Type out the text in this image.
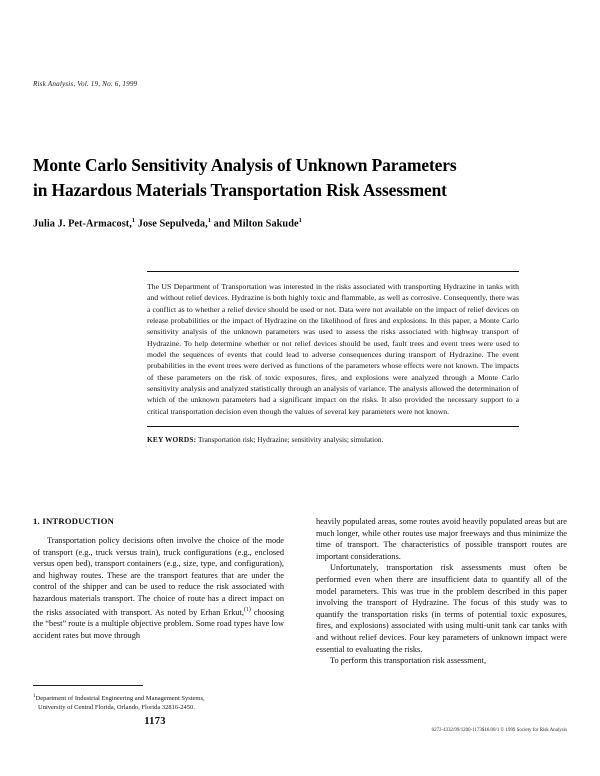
Risk Analysis, Vol. 19, No. 6, 1999
Monte Carlo Sensitivity Analysis of Unknown Parameters
in Hazardous Materials Transportation Risk Assessment
Julia J. Pet-Armacost,$^1$ Jose Sepulveda,$^1$ and Milton Sakude$^1$
The US Department of Transportation was interested in the risks associated with transporting Hydrazine in tanks with and without relief devices. Hydrazine is both highly toxic and flammable, as well as corrosive. Consequently, there was a conflict as to whether a relief device should be used or not. Data were not available on the impact of relief devices on release probabilities or the impact of Hydrazine on the likelihood of fires and explosions. In this paper, a Monte Carlo sensitivity analysis of the unknown parameters was used to assess the risks associated with highway transport of Hydrazine. To help determine whether or not relief devices should be used, fault trees and event trees were used to model the sequences of events that could lead to adverse consequences during transport of Hydrazine. The event probabilities in the event trees were derived as functions of the parameters whose effects were not known. The impacts of these parameters on the risk of toxic exposures, fires, and explosions were analyzed through a Monte Carlo sensitivity analysis and analyzed statistically through an analysis of variance. The analysis allowed the determination of which of the unknown parameters had a significant impact on the risks. It also provided the necessary support to a critical transportation decision even though the values of several key parameters were not known.
KEY WORDS: Transportation risk; Hydrazine; sensitivity analysis; simulation.
1. INTRODUCTION

Transportation policy decisions often involve the choice of the mode of transport (e.g., truck versus train), truck configurations (e.g., enclosed versus open bed), transport containers (e.g., size, type, and configuration), and highway routes. These are the transport features that are under the control of the shipper and can be used to reduce the risk associated with hazardous materials transport. The choice of route has a direct impact on the risks associated with transport. As noted by Erhan Erkut,$^{(1)}$ choosing the “best” route is a multiple objective problem. Some road types have low accident rates but move through

heavily populated areas, some routes avoid heavily populated areas but are much longer, while other routes use major freeways and thus minimize the time of transport. The characteristics of possible transport routes are important considerations.

Unfortunately, transportation risk assessments must often be performed even when there are insufficient data to quantify all of the model parameters. This was true in the problem described in this paper involving the transport of Hydrazine. The focus of this study was to quantify the transportation risks (in terms of potential toxic exposures, fires, and explosions) associated with using multi-unit tank car tanks with and without relief devices. Four key parameters of unknown impact were essential to evaluating the risks.

To perform this transportation risk assessment,

$^1$Department of Industrial Engineering and Management Systems,
University of Central Florida, Orlando, Florida 32816-2450.
1173
0272-4332/99/1200-1173$16.00/1 © 1999 Society for Risk Analysis
